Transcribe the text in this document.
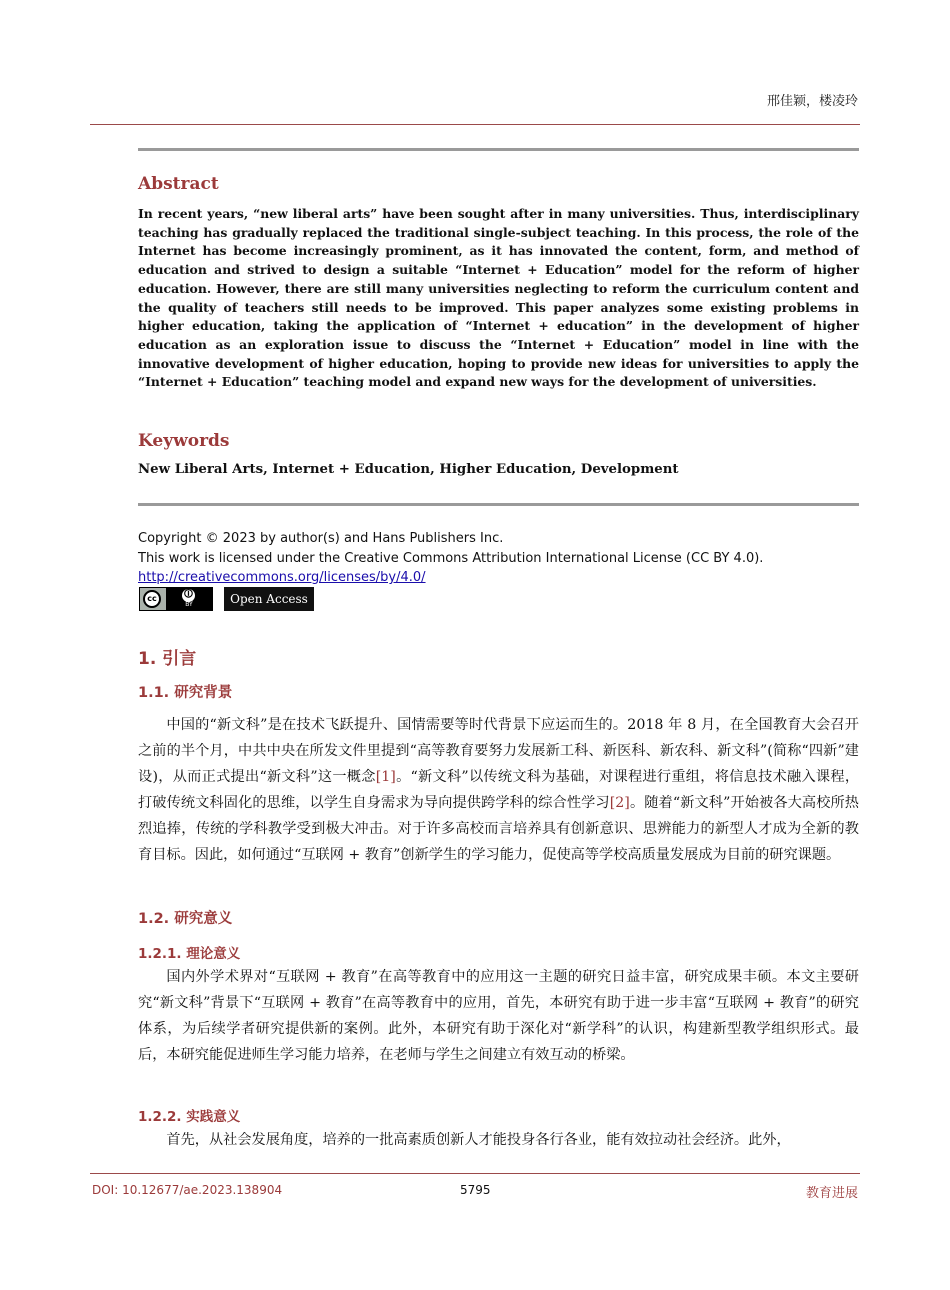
邢佳颖，楼凌玲
Abstract
In recent years, “new liberal arts” have been sought after in many universities. Thus, interdisciplinary teaching has gradually replaced the traditional single-subject teaching. In this process, the role of the Internet has become increasingly prominent, as it has innovated the content, form, and method of education and strived to design a suitable “Internet + Education” model for the reform of higher education. However, there are still many universities neglecting to reform the curriculum content and the quality of teachers still needs to be improved. This paper analyzes some existing problems in higher education, taking the application of “Internet + education” in the development of higher education as an exploration issue to discuss the “Internet + Education” model in line with the innovative development of higher education, hoping to provide new ideas for universities to apply the “Internet + Education” teaching model and expand new ways for the development of universities.
Keywords
New Liberal Arts, Internet + Education, Higher Education, Development
Copyright © 2023 by author(s) and Hans Publishers Inc.
This work is licensed under the Creative Commons Attribution International License (CC BY 4.0).
http://creativecommons.org/licenses/by/4.0/
cc	🛈
BY	Open Access
1. 引言
1.1. 研究背景
中国的“新文科”是在技术飞跃提升、国情需要等时代背景下应运而生的。2018 年 8 月，在全国教育大会召开之前的半个月，中共中央在所发文件里提到“高等教育要努力发展新工科、新医科、新农科、新文科”(简称“四新”建设)，从而正式提出“新文科”这一概念[1]。“新文科”以传统文科为基础，对课程进行重组，将信息技术融入课程，打破传统文科固化的思维，以学生自身需求为导向提供跨学科的综合性学习[2]。随着“新文科”开始被各大高校所热烈追捧，传统的学科教学受到极大冲击。对于许多高校而言培养具有创新意识、思辨能力的新型人才成为全新的教育目标。因此，如何通过“互联网 + 教育”创新学生的学习能力，促使高等学校高质量发展成为目前的研究课题。
1.2. 研究意义
1.2.1. 理论意义
国内外学术界对“互联网 + 教育”在高等教育中的应用这一主题的研究日益丰富，研究成果丰硕。本文主要研究“新文科”背景下“互联网 + 教育”在高等教育中的应用，首先，本研究有助于进一步丰富“互联网 + 教育”的研究体系，为后续学者研究提供新的案例。此外，本研究有助于深化对“新学科”的认识，构建新型教学组织形式。最后，本研究能促进师生学习能力培养，在老师与学生之间建立有效互动的桥梁。
1.2.2. 实践意义
首先，从社会发展角度，培养的一批高素质创新人才能投身各行各业，能有效拉动社会经济。此外，
DOI: 10.12677/ae.2023.138904	5795	教育进展
